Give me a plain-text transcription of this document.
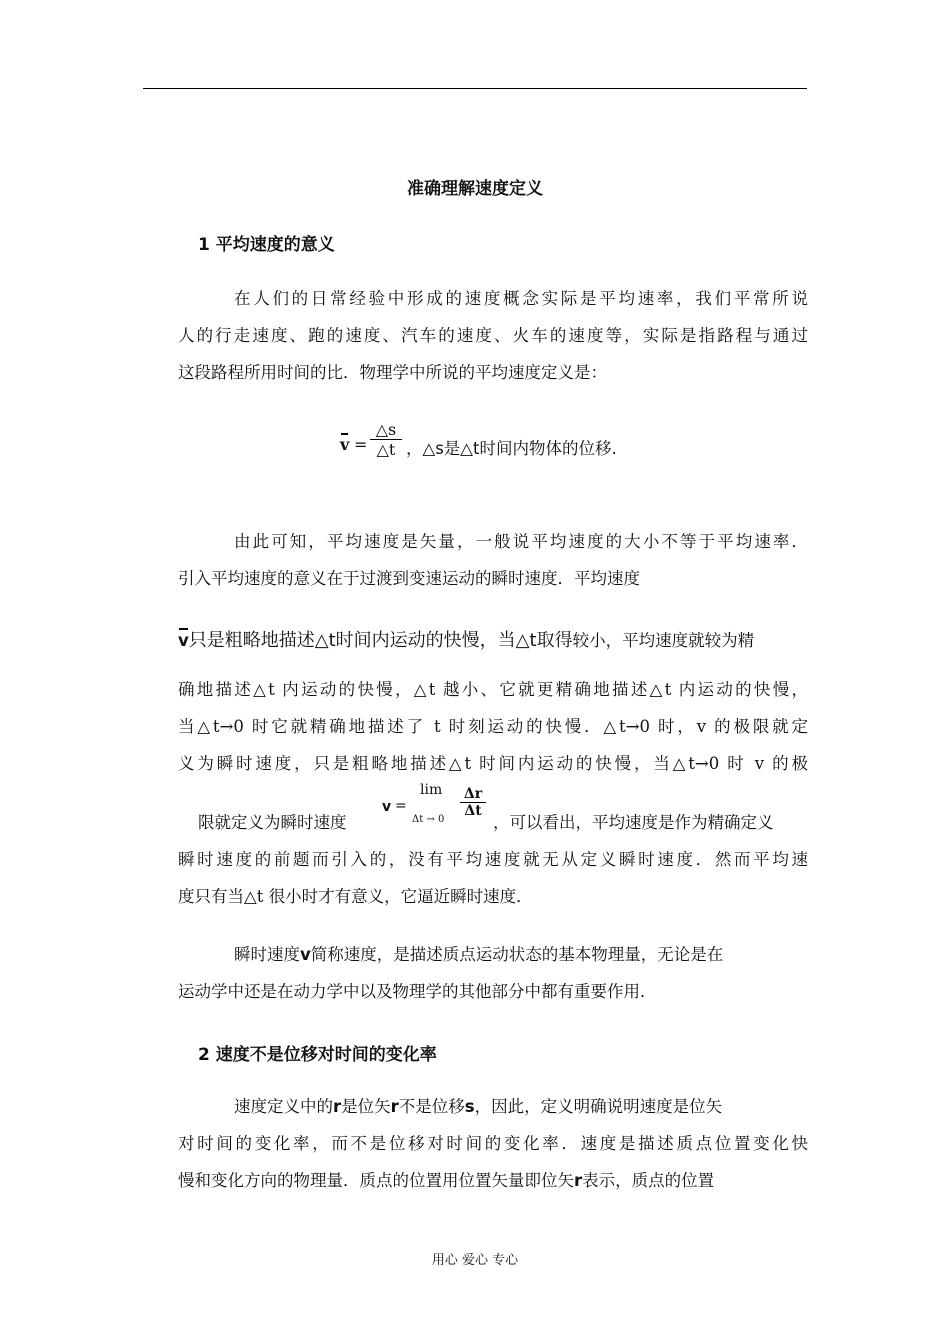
准确理解速度定义
1 平均速度的意义
在人们的日常经验中形成的速度概念实际是平均速率，我们平常所说
人的行走速度、跑的速度、汽车的速度、火车的速度等，实际是指路程与通过
这段路程所用时间的比．物理学中所说的平均速度定义是：
v =
△s
△t ，△s是△t时间内物体的位移.
由此可知，平均速度是矢量，一般说平均速度的大小不等于平均速率．
引入平均速度的意义在于过渡到变速运动的瞬时速度．平均速度
v只是粗略地描述△t时间内运动的快慢，当△t取得较小，平均速度就较为精
确地描述△t 内运动的快慢，△t 越小、它就更精确地描述△t 内运动的快慢，
当△t→0 时它就精确地描述了 t 时刻运动的快慢．△t→0 时，v 的极限就定
义为瞬时速度，只是粗略地描述△t 时间内运动的快慢，当△t→0 时 v 的极
限就定义为瞬时速度
v =
lim
Δt → 0
Δr
Δt
，可以看出，平均速度是作为精确定义
瞬时速度的前题而引入的，没有平均速度就无从定义瞬时速度．然而平均速
度只有当△t 很小时才有意义，它逼近瞬时速度．
瞬时速度v简称速度，是描述质点运动状态的基本物理量，无论是在
运动学中还是在动力学中以及物理学的其他部分中都有重要作用．
2 速度不是位移对时间的变化率
速度定义中的r是位矢r不是位移s，因此，定义明确说明速度是位矢
对时间的变化率，而不是位移对时间的变化率．速度是描述质点位置变化快
慢和变化方向的物理量．质点的位置用位置矢量即位矢r表示，质点的位置
用心 爱心 专心
